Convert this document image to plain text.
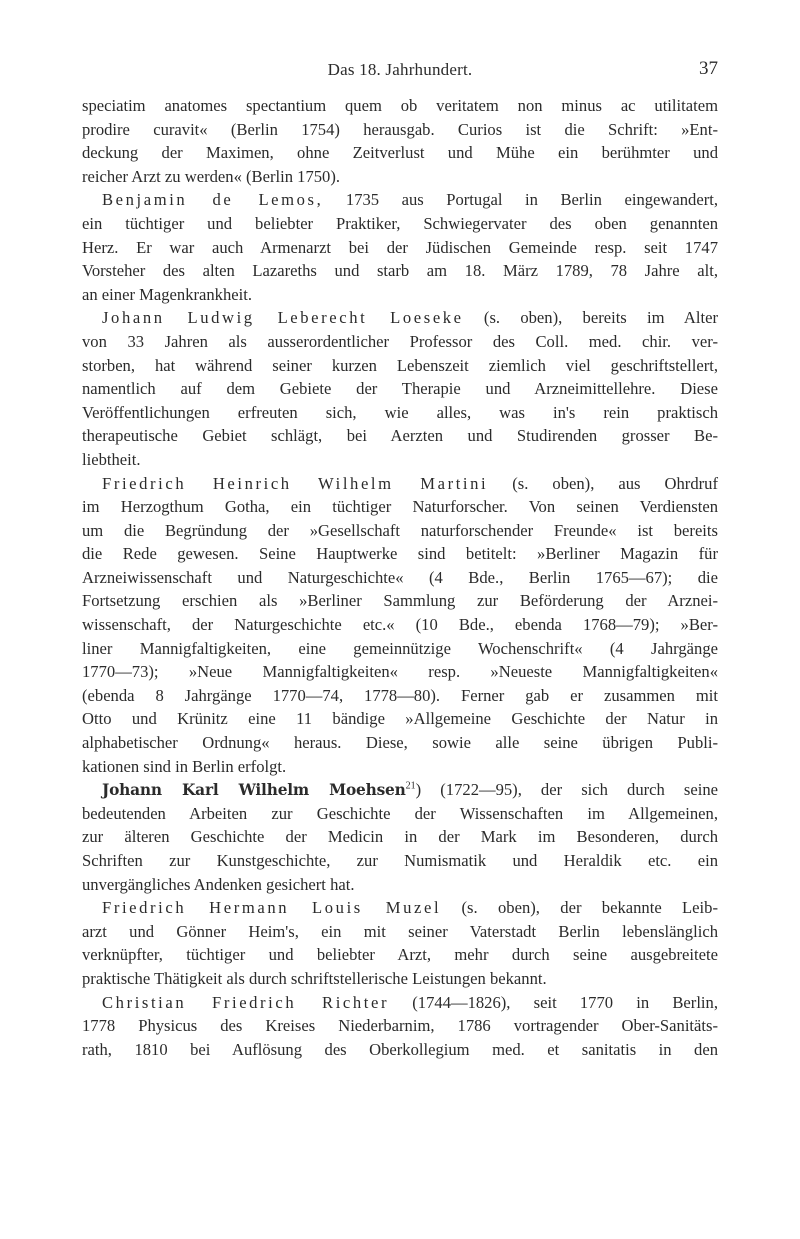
Das 18. Jahrhundert.	37
speciatim anatomes spectantium quem ob veritatem non minus ac utilitatem
prodire curavit« (Berlin 1754) herausgab. Curios ist die Schrift: »Ent-
deckung der Maximen, ohne Zeitverlust und Mühe ein berühmter und
reicher Arzt zu werden« (Berlin 1750).
Benjamin de Lemos, 1735 aus Portugal in Berlin eingewandert,
ein tüchtiger und beliebter Praktiker, Schwiegervater des oben genannten
Herz. Er war auch Armenarzt bei der Jüdischen Gemeinde resp. seit 1747
Vorsteher des alten Lazareths und starb am 18. März 1789, 78 Jahre alt,
an einer Magenkrankheit.
Johann Ludwig Leberecht Loeseke (s. oben), bereits im Alter
von 33 Jahren als ausserordentlicher Professor des Coll. med. chir. ver-
storben, hat während seiner kurzen Lebenszeit ziemlich viel geschriftstellert,
namentlich auf dem Gebiete der Therapie und Arzneimittellehre. Diese
Veröffentlichungen erfreuten sich, wie alles, was in's rein praktisch
therapeutische Gebiet schlägt, bei Aerzten und Studirenden grosser Be-
liebtheit.
Friedrich Heinrich Wilhelm Martini (s. oben), aus Ohrdruf
im Herzogthum Gotha, ein tüchtiger Naturforscher. Von seinen Verdiensten
um die Begründung der »Gesellschaft naturforschender Freunde« ist bereits
die Rede gewesen. Seine Hauptwerke sind betitelt: »Berliner Magazin für
Arzneiwissenschaft und Naturgeschichte« (4 Bde., Berlin 1765—67); die
Fortsetzung erschien als »Berliner Sammlung zur Beförderung der Arznei-
wissenschaft, der Naturgeschichte etc.« (10 Bde., ebenda 1768—79); »Ber-
liner Mannigfaltigkeiten, eine gemeinnützige Wochenschrift« (4 Jahrgänge
1770—73); »Neue Mannigfaltigkeiten« resp. »Neueste Mannigfaltigkeiten«
(ebenda 8 Jahrgänge 1770—74, 1778—80). Ferner gab er zusammen mit
Otto und Krünitz eine 11 bändige »Allgemeine Geschichte der Natur in
alphabetischer Ordnung« heraus. Diese, sowie alle seine übrigen Publi-
kationen sind in Berlin erfolgt.
Johann Karl Wilhelm Moehsen$^{21}$) (1722—95), der sich durch seine
bedeutenden Arbeiten zur Geschichte der Wissenschaften im Allgemeinen,
zur älteren Geschichte der Medicin in der Mark im Besonderen, durch
Schriften zur Kunstgeschichte, zur Numismatik und Heraldik etc. ein
unvergängliches Andenken gesichert hat.
Friedrich Hermann Louis Muzel (s. oben), der bekannte Leib-
arzt und Gönner Heim's, ein mit seiner Vaterstadt Berlin lebenslänglich
verknüpfter, tüchtiger und beliebter Arzt, mehr durch seine ausgebreitete
praktische Thätigkeit als durch schriftstellerische Leistungen bekannt.
Christian Friedrich Richter (1744—1826), seit 1770 in Berlin,
1778 Physicus des Kreises Niederbarnim, 1786 vortragender Ober-Sanitäts-
rath, 1810 bei Auflösung des Oberkollegium med. et sanitatis in den
